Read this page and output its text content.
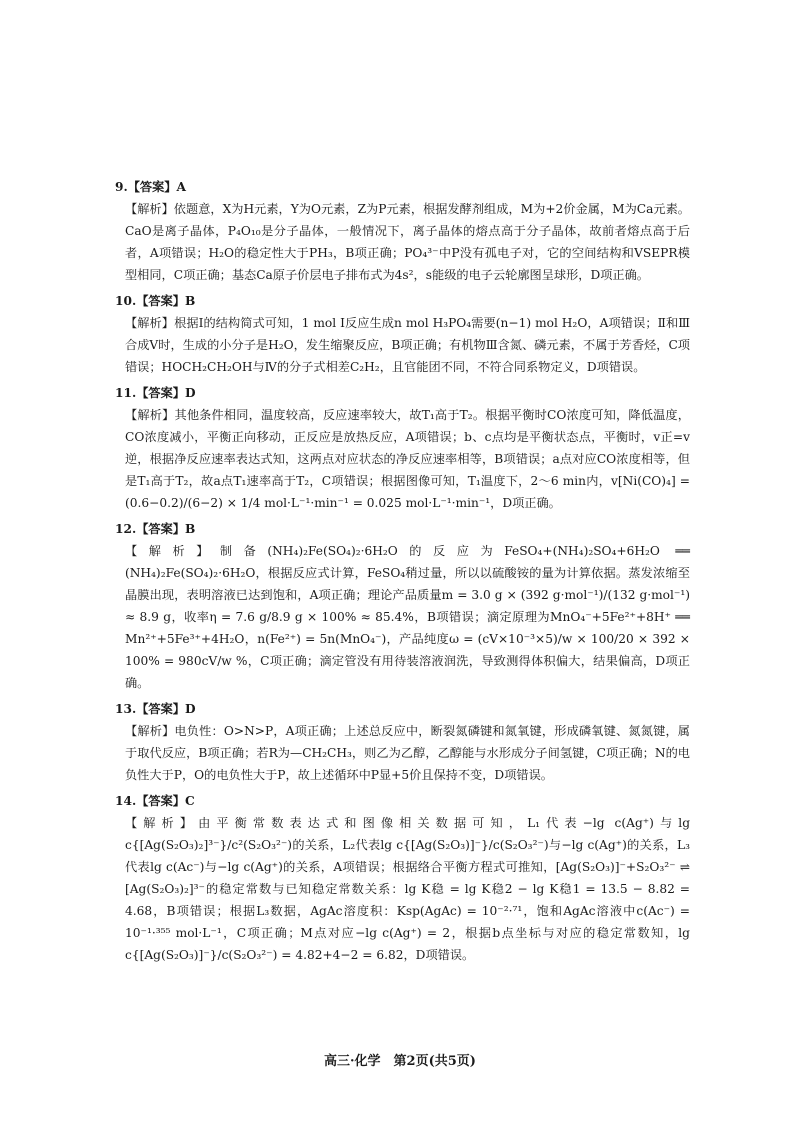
9.【答案】A

【解析】依题意，X为H元素，Y为O元素，Z为P元素，根据发酵剂组成，M为+2价金属，M为Ca元素。CaO是离子晶体，P₄O₁₀是分子晶体，一般情况下，离子晶体的熔点高于分子晶体，故前者熔点高于后者，A项错误；H₂O的稳定性大于PH₃，B项正确；PO₄³⁻中P没有孤电子对，它的空间结构和VSEPR模型相同，C项正确；基态Ca原子价层电子排布式为4s²，s能级的电子云轮廓图呈球形，D项正确。

10.【答案】B

【解析】根据Ⅰ的结构简式可知，1 mol Ⅰ反应生成n mol H₃PO₄需要(n−1) mol H₂O，A项错误；Ⅱ和Ⅲ合成Ⅴ时，生成的小分子是H₂O，发生缩聚反应，B项正确；有机物Ⅲ含氮、磷元素，不属于芳香烃，C项错误；HOCH₂CH₂OH与Ⅳ的分子式相差C₂H₂，且官能团不同，不符合同系物定义，D项错误。

11.【答案】D

【解析】其他条件相同，温度较高，反应速率较大，故T₁高于T₂。根据平衡时CO浓度可知，降低温度，CO浓度减小，平衡正向移动，正反应是放热反应，A项错误；b、c点均是平衡状态点，平衡时，v正=v逆，根据净反应速率表达式知，这两点对应状态的净反应速率相等，B项错误；a点对应CO浓度相等，但是T₁高于T₂，故a点T₁速率高于T₂，C项错误；根据图像可知，T₁温度下，2～6 min内，v[Ni(CO)₄] = (0.6−0.2)/(6−2) × 1/4 mol·L⁻¹·min⁻¹ = 0.025 mol·L⁻¹·min⁻¹，D项正确。

12.【答案】B

【解析】制备(NH₄)₂Fe(SO₄)₂·6H₂O的反应为FeSO₄+(NH₄)₂SO₄+6H₂O ══ (NH₄)₂Fe(SO₄)₂·6H₂O，根据反应式计算，FeSO₄稍过量，所以以硫酸铵的量为计算依据。蒸发浓缩至晶膜出现，表明溶液已达到饱和，A项正确；理论产品质量m = 3.0 g × (392 g·mol⁻¹)/(132 g·mol⁻¹) ≈ 8.9 g，收率η = 7.6 g/8.9 g × 100% ≈ 85.4%，B项错误；滴定原理为MnO₄⁻+5Fe²⁺+8H⁺ ══ Mn²⁺+5Fe³⁺+4H₂O，n(Fe²⁺) = 5n(MnO₄⁻)，产品纯度ω = (cV×10⁻³×5)/w × 100/20 × 392 × 100% = 980cV/w %，C项正确；滴定管没有用待装溶液润洗，导致测得体积偏大，结果偏高，D项正确。

13.【答案】D

【解析】电负性：O>N>P，A项正确；上述总反应中，断裂氮磷键和氮氧键，形成磷氧键、氮氮键，属于取代反应，B项正确；若R为—CH₂CH₃，则乙为乙醇，乙醇能与水形成分子间氢键，C项正确；N的电负性大于P，O的电负性大于P，故上述循环中P显+5价且保持不变，D项错误。

14.【答案】C

【解析】由平衡常数表达式和图像相关数据可知，L₁代表−lg c(Ag⁺)与lg c{[Ag(S₂O₃)₂]³⁻}/c²(S₂O₃²⁻)的关系，L₂代表lg c{[Ag(S₂O₃)]⁻}/c(S₂O₃²⁻)与−lg c(Ag⁺)的关系，L₃代表lg c(Ac⁻)与−lg c(Ag⁺)的关系，A项错误；根据络合平衡方程式可推知，[Ag(S₂O₃)]⁻+S₂O₃²⁻ ⇌ [Ag(S₂O₃)₂]³⁻的稳定常数与已知稳定常数关系：lg K稳 = lg K稳2 − lg K稳1 = 13.5 − 8.82 = 4.68，B项错误；根据L₃数据，AgAc溶度积：Ksp(AgAc) = 10⁻²·⁷¹，饱和AgAc溶液中c(Ac⁻) = 10⁻¹·³⁵⁵ mol·L⁻¹，C项正确；M点对应−lg c(Ag⁺) = 2，根据b点坐标与对应的稳定常数知，lg c{[Ag(S₂O₃)]⁻}/c(S₂O₃²⁻) = 4.82+4−2 = 6.82，D项错误。

高三·化学　第2页(共5页)
